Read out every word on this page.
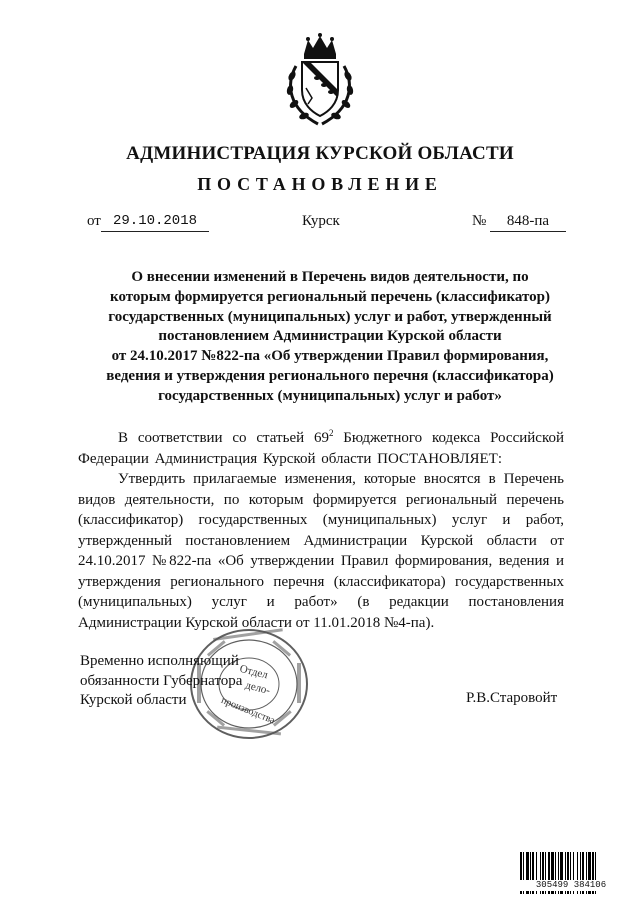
АДМИНИСТРАЦИЯ КУРСКОЙ ОБЛАСТИ
ПОСТАНОВЛЕНИЕ
от 29.10.2018	Курск	№	848-па
О внесении изменений в Перечень видов деятельности, по
которым формируется региональный перечень (классификатор)
государственных (муниципальных) услуг и работ, утвержденный
постановлением Администрации Курской области
от 24.10.2017 №822-па «Об утверждении Правил формирования,
ведения и утверждения регионального перечня (классификатора)
государственных (муниципальных) услуг и работ»

В соответствии со статьей $69^2$ Бюджетного кодекса Российской Федерации Администрация Курской области ПОСТАНОВЛЯЕТ:

Утвердить прилагаемые изменения, которые вносятся в Перечень видов деятельности, по которым формируется региональный перечень (классификатор) государственных (муниципальных) услуг и работ, утвержденный постановлением Администрации Курской области от 24.10.2017 №822-па «Об утверждении Правил формирования, ведения и утверждения регионального перечня (классификатора) государственных (муниципальных) услуг и работ» (в редакции постановления Администрации Курской области от 11.01.2018 №4-па).

Отдел
дело-
производства
Временно исполняющий
обязанности Губернатора
Курской области	Р.В.Старовойт
305499 384106
